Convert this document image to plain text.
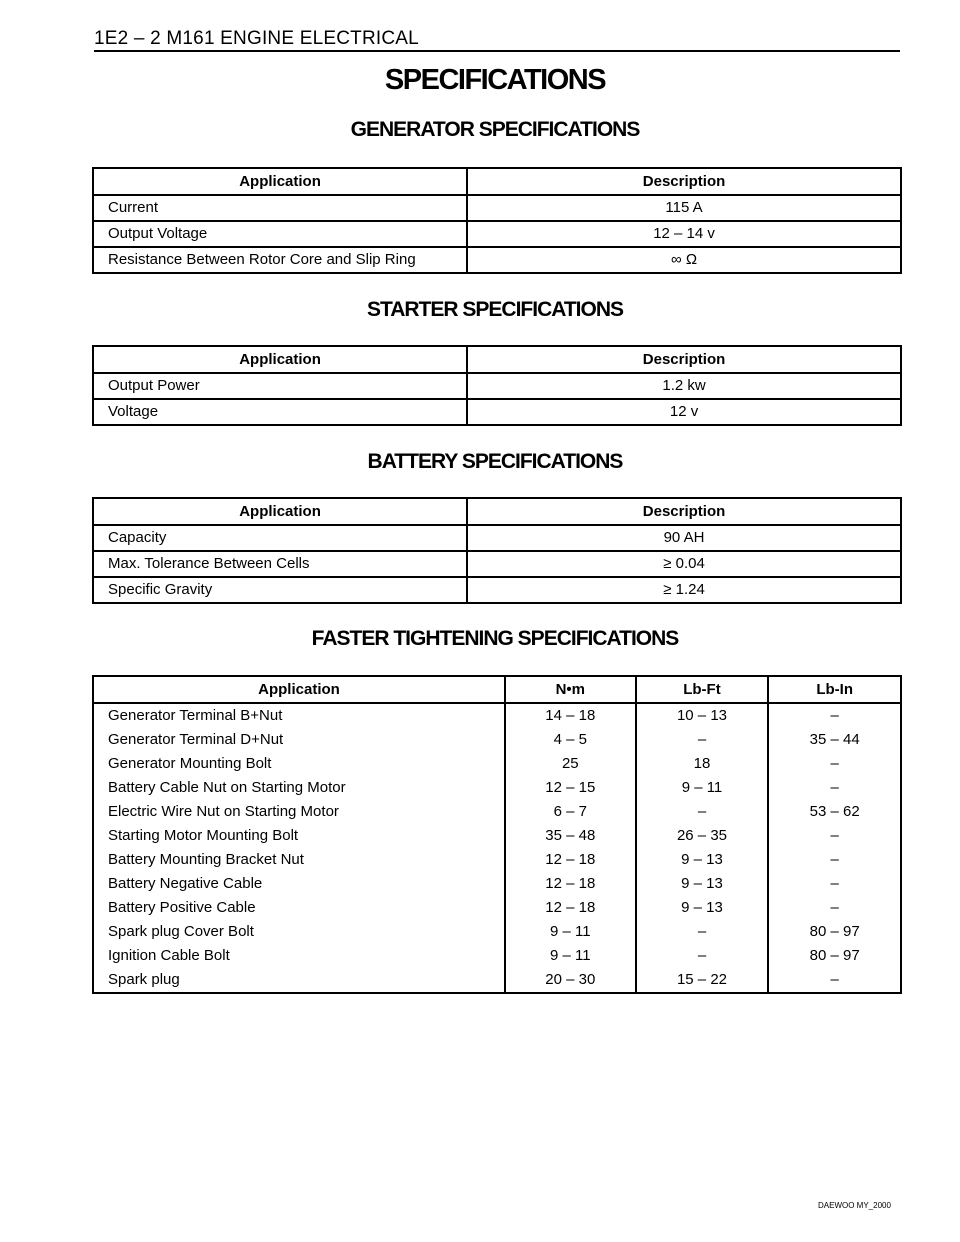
1E2 – 2 M161 ENGINE ELECTRICAL
SPECIFICATIONS
GENERATOR SPECIFICATIONS
Application	Description
Current	115 A
Output Voltage	12 – 14 v
Resistance Between Rotor Core and Slip Ring	∞ Ω
STARTER SPECIFICATIONS
Application	Description
Output Power	1.2 kw
Voltage	12 v
BATTERY SPECIFICATIONS
Application	Description
Capacity	90 AH
Max. Tolerance Between Cells	≥ 0.04
Specific Gravity	≥ 1.24
FASTER TIGHTENING SPECIFICATIONS
Application	N•m	Lb-Ft	Lb-In
Generator Terminal B+Nut	14 – 18	10 – 13	–
Generator Terminal D+Nut	4 – 5	–	35 – 44
Generator Mounting Bolt	25	18	–
Battery Cable Nut on Starting Motor	12 – 15	9 – 11	–
Electric Wire Nut on Starting Motor	6 – 7	–	53 – 62
Starting Motor Mounting Bolt	35 – 48	26 – 35	–
Battery Mounting Bracket Nut	12 – 18	9 – 13	–
Battery Negative Cable	12 – 18	9 – 13	–
Battery Positive Cable	12 – 18	9 – 13	–
Spark plug Cover Bolt	9 – 11	–	80 – 97
Ignition Cable Bolt	9 – 11	–	80 – 97
Spark plug	20 – 30	15 – 22	–
DAEWOO MY_2000
